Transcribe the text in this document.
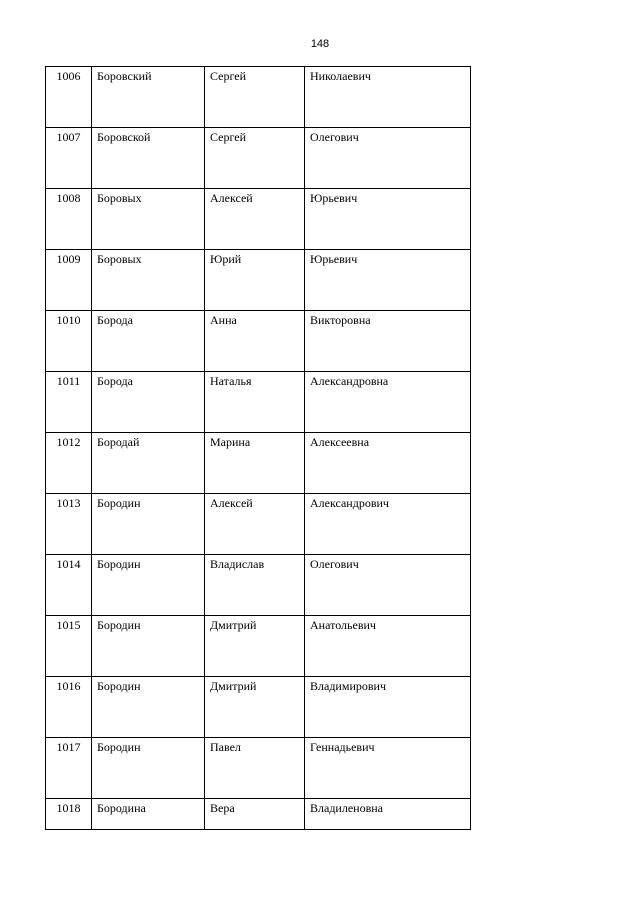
148
1006	Боровский	Сергей	Николаевич
1007	Боровской	Сергей	Олегович
1008	Боровых	Алексей	Юрьевич
1009	Боровых	Юрий	Юрьевич
1010	Борода	Анна	Викторовна
1011	Борода	Наталья	Александровна
1012	Бородай	Марина	Алексеевна
1013	Бородин	Алексей	Александрович
1014	Бородин	Владислав	Олегович
1015	Бородин	Дмитрий	Анатольевич
1016	Бородин	Дмитрий	Владимирович
1017	Бородин	Павел	Геннадьевич
1018	Бородина	Вера	Владиленовна
